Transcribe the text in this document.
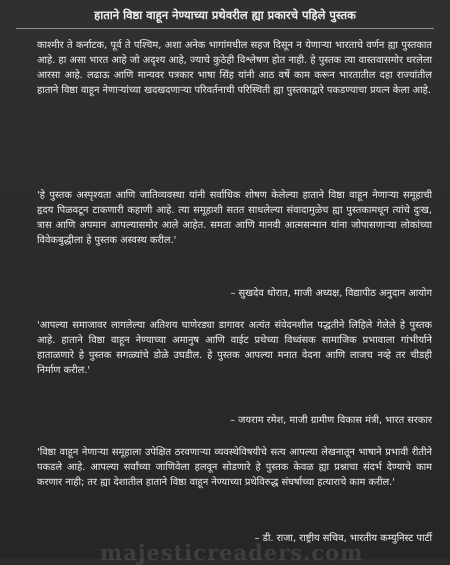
हाताने विष्ठा वाहून नेण्याच्या प्रथेवरील ह्या प्रकारचे पहिले पुस्तक
काश्मीर ते कर्नाटक, पूर्व ते पश्चिम, अशा अनेक भागांमधील सहज दिसून न येणाऱ्या भारताचे वर्णन ह्या पुस्तकात आहे. हा असा भारत आहे जो अदृश्य आहे, ज्याचे कुठेही विश्लेषण होत नाही. हे पुस्तक त्या वास्तवासमोर धरलेला आरसा आहे. लढाऊ आणि मान्यवर पत्रकार भाषा सिंह यांनी आठ वर्षे काम करून भारतातील दहा राज्यांतील हाताने विष्ठा वाहून नेणाऱ्यांच्या खदखदणाऱ्या परिवर्तनाची परिस्थिती ह्या पुस्तकाद्वारे पकडण्याचा प्रयत्न केला आहे.
'हे पुस्तक अस्पृश्यता आणि जातिव्यवस्था यांनी सर्वाधिक शोषण केलेल्या हाताने विष्ठा वाहून नेणाऱ्या समूहाची हृदय पिळवटून टाकणारी कहाणी आहे. त्या समूहाशी सतत साधलेल्या संवादामुळेच ह्या पुस्तकामधून त्यांचे दुःख, त्रास आणि अपमान आपल्यासमोर आले आहेत. समता आणि मानवी आत्मसन्मान यांना जोपासणाऱ्या लोकांच्या विवेकबुद्धीला हे पुस्तक अस्वस्थ करील.'
– सुखदेव थोरात, माजी अध्यक्ष, विद्यापीठ अनुदान आयोग
'आपल्या समाजावर लागलेल्या अतिशय घाणेरड्या डागावर अत्यंत संवेदनशील पद्धतीने लिहिले गेलेले हे पुस्तक आहे. हाताने विष्ठा वाहून नेण्याच्या अमानुष आणि वाईट प्रथेच्या विध्वंसक सामाजिक प्रभावाला गांभीर्याने हाताळणारे हे पुस्तक सगळ्यांचे डोळे उघडील. हे पुस्तक आपल्या मनात वेदना आणि लाजच नव्हे तर चीडही निर्माण करील.'
– जयराम रमेश, माजी ग्रामीण विकास मंत्री, भारत सरकार
'विष्ठा वाहून नेणाऱ्या समूहाला उपेक्षित ठरवणाऱ्या व्यवस्थेविषयीचे सत्य आपल्या लेखनातून भाषाने प्रभावी रीतीने पकडले आहे. आपल्या सर्वांच्या जाणिवेला हलवून सोडणारे हे पुस्तक केवळ ह्या प्रश्नाचा संदर्भ देण्याचे काम करणार नाही; तर ह्या देशातील हाताने विष्ठा वाहून नेण्याच्या प्रथेविरुद्ध संघर्षाच्या हत्याराचे काम करील.'
– डी. राजा, राष्ट्रीय सचिव, भारतीय कम्युनिस्ट पार्टी
majesticreaders.com
